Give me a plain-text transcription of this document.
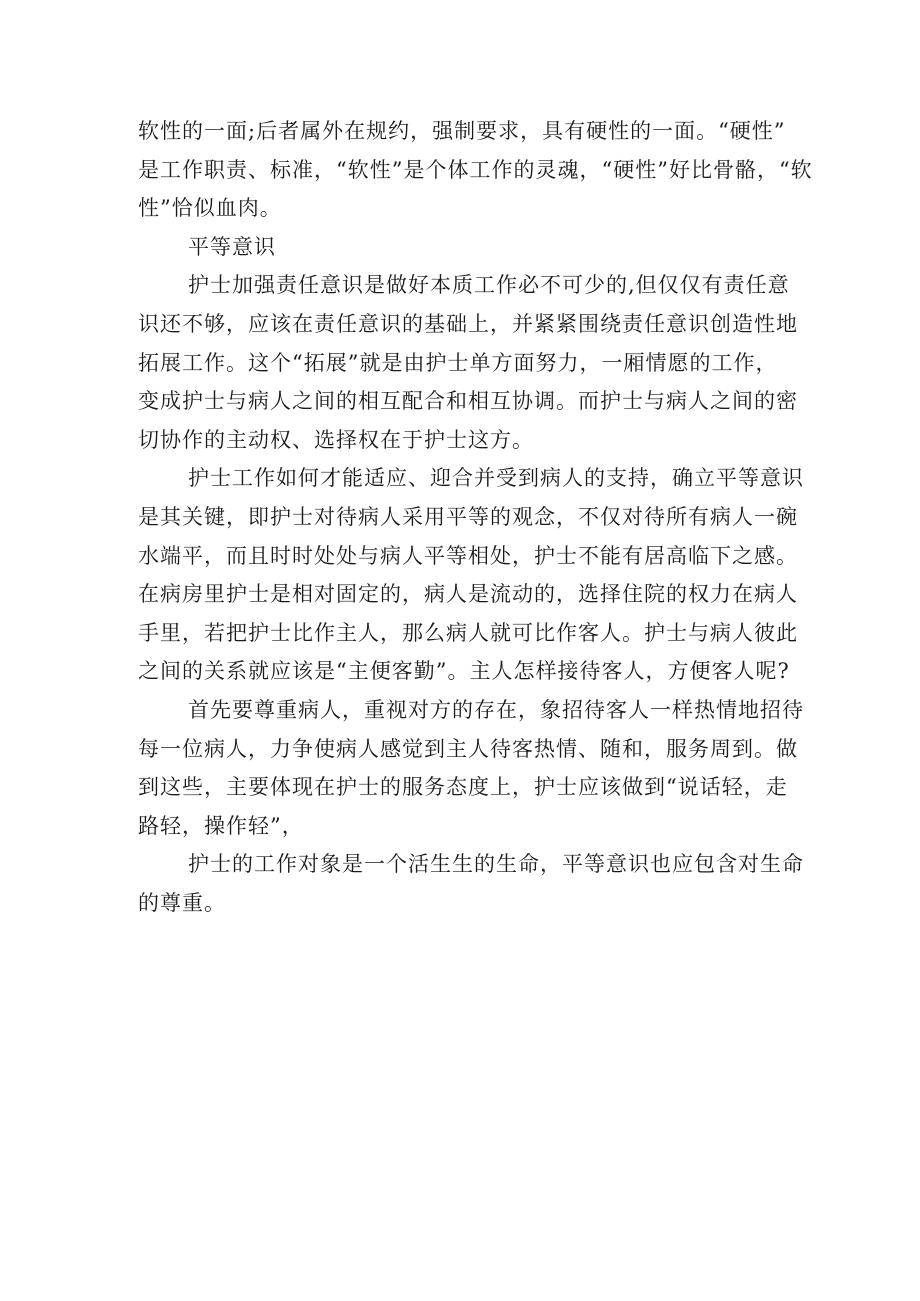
软性的一面;后者属外在规约，强制要求，具有硬性的一面。“硬性”
是工作职责、标准，“软性”是个体工作的灵魂，“硬性”好比骨骼，“软
性”恰似血肉。
平等意识
护士加强责任意识是做好本质工作必不可少的,但仅仅有责任意
识还不够，应该在责任意识的基础上，并紧紧围绕责任意识创造性地
拓展工作。这个“拓展”就是由护士单方面努力，一厢情愿的工作，
变成护士与病人之间的相互配合和相互协调。而护士与病人之间的密
切协作的主动权、选择权在于护士这方。
护士工作如何才能适应、迎合并受到病人的支持，确立平等意识
是其关键，即护士对待病人采用平等的观念，不仅对待所有病人一碗
水端平，而且时时处处与病人平等相处，护士不能有居高临下之感。
在病房里护士是相对固定的，病人是流动的，选择住院的权力在病人
手里，若把护士比作主人，那么病人就可比作客人。护士与病人彼此
之间的关系就应该是“主便客勤”。主人怎样接待客人，方便客人呢?
首先要尊重病人，重视对方的存在，象招待客人一样热情地招待
每一位病人，力争使病人感觉到主人待客热情、随和，服务周到。做
到这些，主要体现在护士的服务态度上，护士应该做到“说话轻，走
路轻，操作轻”，
护士的工作对象是一个活生生的生命，平等意识也应包含对生命
的尊重。
